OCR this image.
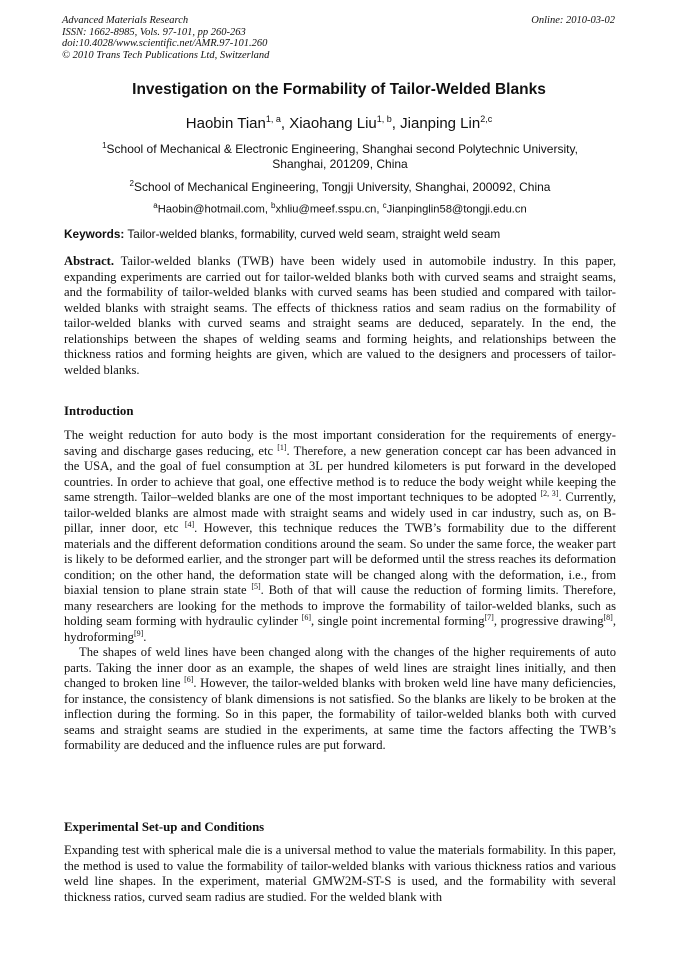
Advanced Materials Research
ISSN: 1662-8985, Vols. 97-101, pp 260-263
doi:10.4028/www.scientific.net/AMR.97-101.260
© 2010 Trans Tech Publications Ltd, Switzerland
Online: 2010-03-02
Investigation on the Formability of Tailor-Welded Blanks
Haobin Tian$^{1, a}$, Xiaohang Liu$^{1, b}$, Jianping Lin$^{2,c}$
$^1$School of Mechanical & Electronic Engineering, Shanghai second Polytechnic University, Shanghai, 201209, China
$^2$School of Mechanical Engineering, Tongji University, Shanghai, 200092, China
$^a$Haobin@hotmail.com, $^b$xhliu@meef.sspu.cn, $^c$Jianpinglin58@tongji.edu.cn
Keywords: Tailor-welded blanks, formability, curved weld seam, straight weld seam

Abstract. Tailor-welded blanks (TWB) have been widely used in automobile industry. In this paper, expanding experiments are carried out for tailor-welded blanks both with curved seams and straight seams, and the formability of tailor-welded blanks with curved seams has been studied and compared with tailor-welded blanks with straight seams. The effects of thickness ratios and seam radius on the formability of tailor-welded blanks with curved seams and straight seams are deduced, separately. In the end, the relationships between the shapes of welding seams and forming heights, and relationships between the thickness ratios and forming heights are given, which are valued to the designers and processers of tailor-welded blanks.

Introduction

The weight reduction for auto body is the most important consideration for the requirements of energy- saving and discharge gases reducing, etc [1]. Therefore, a new generation concept car has been advanced in the USA, and the goal of fuel consumption at 3L per hundred kilometers is put forward in the developed countries. In order to achieve that goal, one effective method is to reduce the body weight while keeping the same strength. Tailor–welded blanks are one of the most important techniques to be adopted [2, 3]. Currently, tailor-welded blanks are almost made with straight seams and widely used in car industry, such as, on B-pillar, inner door, etc [4]. However, this technique reduces the TWB’s formability due to the different materials and the different deformation conditions around the seam. So under the same force, the weaker part is likely to be deformed earlier, and the stronger part will be deformed until the stress reaches its deformation condition; on the other hand, the deformation state will be changed along with the deformation, i.e., from biaxial tension to plane strain state [5]. Both of that will cause the reduction of forming limits. Therefore, many researchers are looking for the methods to improve the formability of tailor-welded blanks, such as holding seam forming with hydraulic cylinder [6], single point incremental forming[7], progressive drawing[8], hydroforming[9].

The shapes of weld lines have been changed along with the changes of the higher requirements of auto parts. Taking the inner door as an example, the shapes of weld lines are straight lines initially, and then changed to broken line [6]. However, the tailor-welded blanks with broken weld line have many deficiencies, for instance, the consistency of blank dimensions is not satisfied. So the blanks are likely to be broken at the inflection during the forming. So in this paper, the formability of tailor-welded blanks both with curved seams and straight seams are studied in the experiments, at same time the factors affecting the TWB’s formability are deduced and the influence rules are put forward.

Experimental Set-up and Conditions

Expanding test with spherical male die is a universal method to value the materials formability. In this paper, the method is used to value the formability of tailor-welded blanks with various thickness ratios and various weld line shapes. In the experiment, material GMW2M-ST-S is used, and the formability with several thickness ratios, curved seam radius are studied. For the welded blank with
